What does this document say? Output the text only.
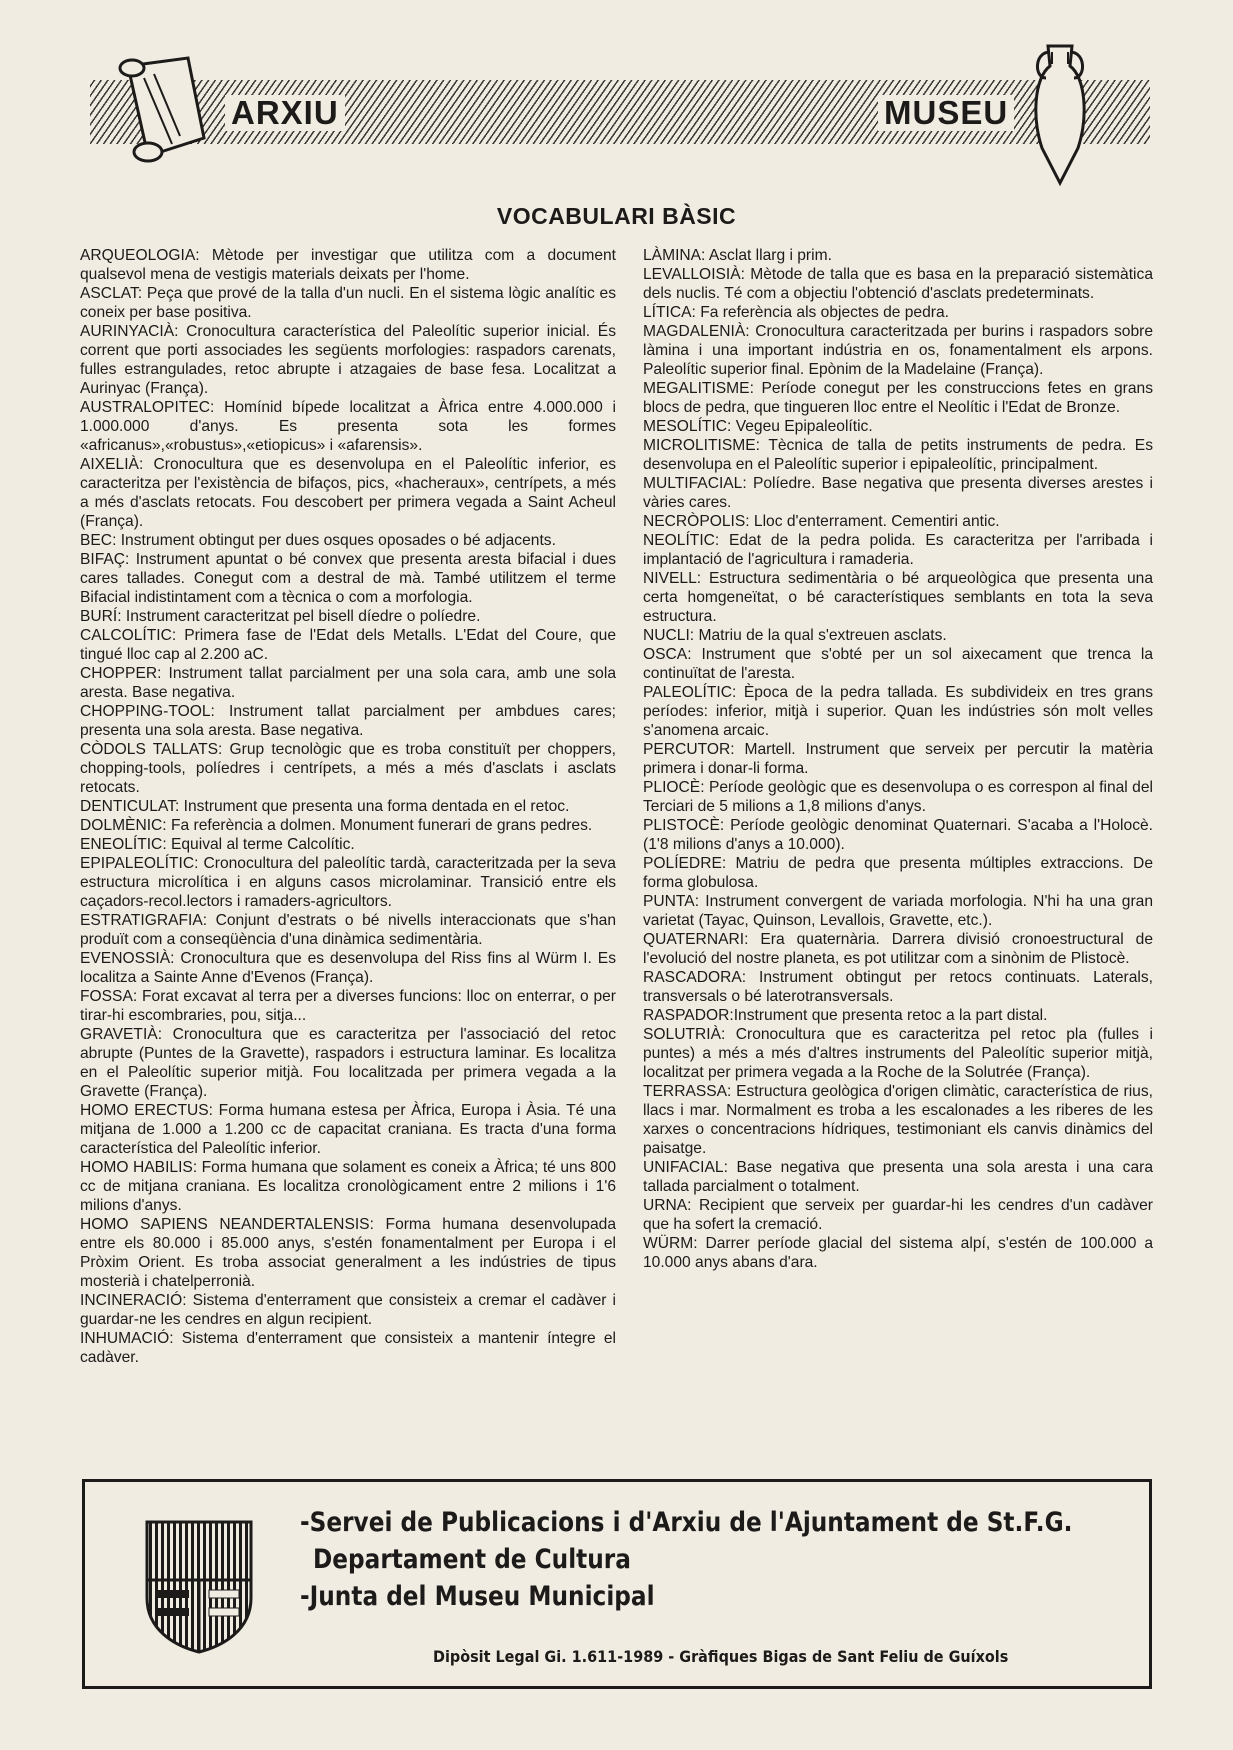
ARXIU	MUSEU
VOCABULARI BÀSIC

ARQUEOLOGIA: Mètode per investigar que utilitza com a document qualsevol mena de vestigis materials deixats per l'home.

ASCLAT: Peça que prové de la talla d'un nucli. En el sistema lògic analític es coneix per base positiva.

AURINYACIÀ: Cronocultura característica del Paleolític superior inicial. És corrent que porti associades les següents morfologies: raspadors carenats, fulles estrangulades, retoc abrupte i atzagaies de base fesa. Localitzat a Aurinyac (França).

AUSTRALOPITEC: Homínid bípede localitzat a Àfrica entre 4.000.000 i 1.000.000 d'anys. Es presenta sota les formes «africanus»,«robustus»,«etiopicus» i «afarensis».

AIXELIÀ: Cronocultura que es desenvolupa en el Paleolític inferior, es caracteritza per l'existència de bifaços, pics, «hacheraux», centrípets, a més a més d'asclats retocats. Fou descobert per primera vegada a Saint Acheul (França).

BEC: Instrument obtingut per dues osques oposades o bé adjacents.

BIFAÇ: Instrument apuntat o bé convex que presenta aresta bifacial i dues cares tallades. Conegut com a destral de mà. També utilitzem el terme Bifacial indistintament com a tècnica o com a morfologia.

BURÍ: Instrument caracteritzat pel bisell díedre o políedre.

CALCOLÍTIC: Primera fase de l'Edat dels Metalls. L'Edat del Coure, que tingué lloc cap al 2.200 aC.

CHOPPER: Instrument tallat parcialment per una sola cara, amb une sola aresta. Base negativa.

CHOPPING-TOOL: Instrument tallat parcialment per ambdues cares; presenta una sola aresta. Base negativa.

CÒDOLS TALLATS: Grup tecnològic que es troba constituït per choppers, chopping-tools, políedres i centrípets, a més a més d'asclats i asclats retocats.

DENTICULAT: Instrument que presenta una forma dentada en el retoc.

DOLMÈNIC: Fa referència a dolmen. Monument funerari de grans pedres.

ENEOLÍTIC: Equival al terme Calcolític.

EPIPALEOLÍTIC: Cronocultura del paleolític tardà, caracteritzada per la seva estructura microlítica i en alguns casos microlaminar. Transició entre els caçadors-recol.lectors i ramaders-agricultors.

ESTRATIGRAFIA: Conjunt d'estrats o bé nivells interaccionats que s'han produït com a conseqüència d'una dinàmica sedimentària.

EVENOSSIÀ: Cronocultura que es desenvolupa del Riss fins al Würm I. Es localitza a Sainte Anne d'Evenos (França).

FOSSA: Forat excavat al terra per a diverses funcions: lloc on enterrar, o per tirar-hi escombraries, pou, sitja...

GRAVETIÀ: Cronocultura que es caracteritza per l'associació del retoc abrupte (Puntes de la Gravette), raspadors i estructura laminar. Es localitza en el Paleolític superior mitjà. Fou localitzada per primera vegada a la Gravette (França).

HOMO ERECTUS: Forma humana estesa per Àfrica, Europa i Àsia. Té una mitjana de 1.000 a 1.200 cc de capacitat craniana. Es tracta d'una forma característica del Paleolític inferior.

HOMO HABILIS: Forma humana que solament es coneix a Àfrica; té uns 800 cc de mitjana craniana. Es localitza cronològicament entre 2 milions i 1'6 milions d'anys.

HOMO SAPIENS NEANDERTALENSIS: Forma humana desenvolupada entre els 80.000 i 85.000 anys, s'estén fonamentalment per Europa i el Pròxim Orient. Es troba associat generalment a les indústries de tipus mosterià i chatelperronià.

INCINERACIÓ: Sistema d'enterrament que consisteix a cremar el cadàver i guardar-ne les cendres en algun recipient.

INHUMACIÓ: Sistema d'enterrament que consisteix a mantenir íntegre el cadàver.

LÀMINA: Asclat llarg i prim.

LEVALLOISIÀ: Mètode de talla que es basa en la preparació sistemàtica dels nuclis. Té com a objectiu l'obtenció d'asclats predeterminats.

LÍTICA: Fa referència als objectes de pedra.

MAGDALENIÀ: Cronocultura caracteritzada per burins i raspadors sobre làmina i una important indústria en os, fonamentalment els arpons. Paleolític superior final. Epònim de la Madelaine (França).

MEGALITISME: Període conegut per les construccions fetes en grans blocs de pedra, que tingueren lloc entre el Neolític i l'Edat de Bronze.

MESOLÍTIC: Vegeu Epipaleolític.

MICROLITISME: Tècnica de talla de petits instruments de pedra. Es desenvolupa en el Paleolític superior i epipaleolític, principalment.

MULTIFACIAL: Políedre. Base negativa que presenta diverses arestes i vàries cares.

NECRÒPOLIS: Lloc d'enterrament. Cementiri antic.

NEOLÍTIC: Edat de la pedra polida. Es caracteritza per l'arribada i implantació de l'agricultura i ramaderia.

NIVELL: Estructura sedimentària o bé arqueològica que presenta una certa homgeneïtat, o bé característiques semblants en tota la seva estructura.

NUCLI: Matriu de la qual s'extreuen asclats.

OSCA: Instrument que s'obté per un sol aixecament que trenca la continuïtat de l'aresta.

PALEOLÍTIC: Època de la pedra tallada. Es subdivideix en tres grans períodes: inferior, mitjà i superior. Quan les indústries són molt velles s'anomena arcaic.

PERCUTOR: Martell. Instrument que serveix per percutir la matèria primera i donar-li forma.

PLIOCÈ: Període geològic que es desenvolupa o es correspon al final del Terciari de 5 milions a 1,8 milions d'anys.

PLISTOCÈ: Període geològic denominat Quaternari. S'acaba a l'Holocè. (1'8 milions d'anys a 10.000).

POLÍEDRE: Matriu de pedra que presenta múltiples extraccions. De forma globulosa.

PUNTA: Instrument convergent de variada morfologia. N'hi ha una gran varietat (Tayac, Quinson, Levallois, Gravette, etc.).

QUATERNARI: Era quaternària. Darrera divisió cronoestructural de l'evolució del nostre planeta, es pot utilitzar com a sinònim de Plistocè.

RASCADORA: Instrument obtingut per retocs continuats. Laterals, transversals o bé laterotransversals.

RASPADOR:Instrument que presenta retoc a la part distal.

SOLUTRIÀ: Cronocultura que es caracteritza pel retoc pla (fulles i puntes) a més a més d'altres instruments del Paleolític superior mitjà, localitzat per primera vegada a la Roche de la Solutrée (França).

TERRASSA: Estructura geològica d'origen climàtic, característica de rius, llacs i mar. Normalment es troba a les escalonades a les riberes de les xarxes o concentracions hídriques, testimoniant els canvis dinàmics del paisatge.

UNIFACIAL: Base negativa que presenta una sola aresta i una cara tallada parcialment o totalment.

URNA: Recipient que serveix per guardar-hi les cendres d'un cadàver que ha sofert la cremació.

WÜRM: Darrer període glacial del sistema alpí, s'estén de 100.000 a 10.000 anys abans d'ara.

-Servei de Publicacions i d'Arxiu de l'Ajuntament de St.F.G.
Departament de Cultura
-Junta del Museu Municipal
Dipòsit Legal Gi. 1.611-1989 - Gràfiques Bigas de Sant Feliu de Guíxols
